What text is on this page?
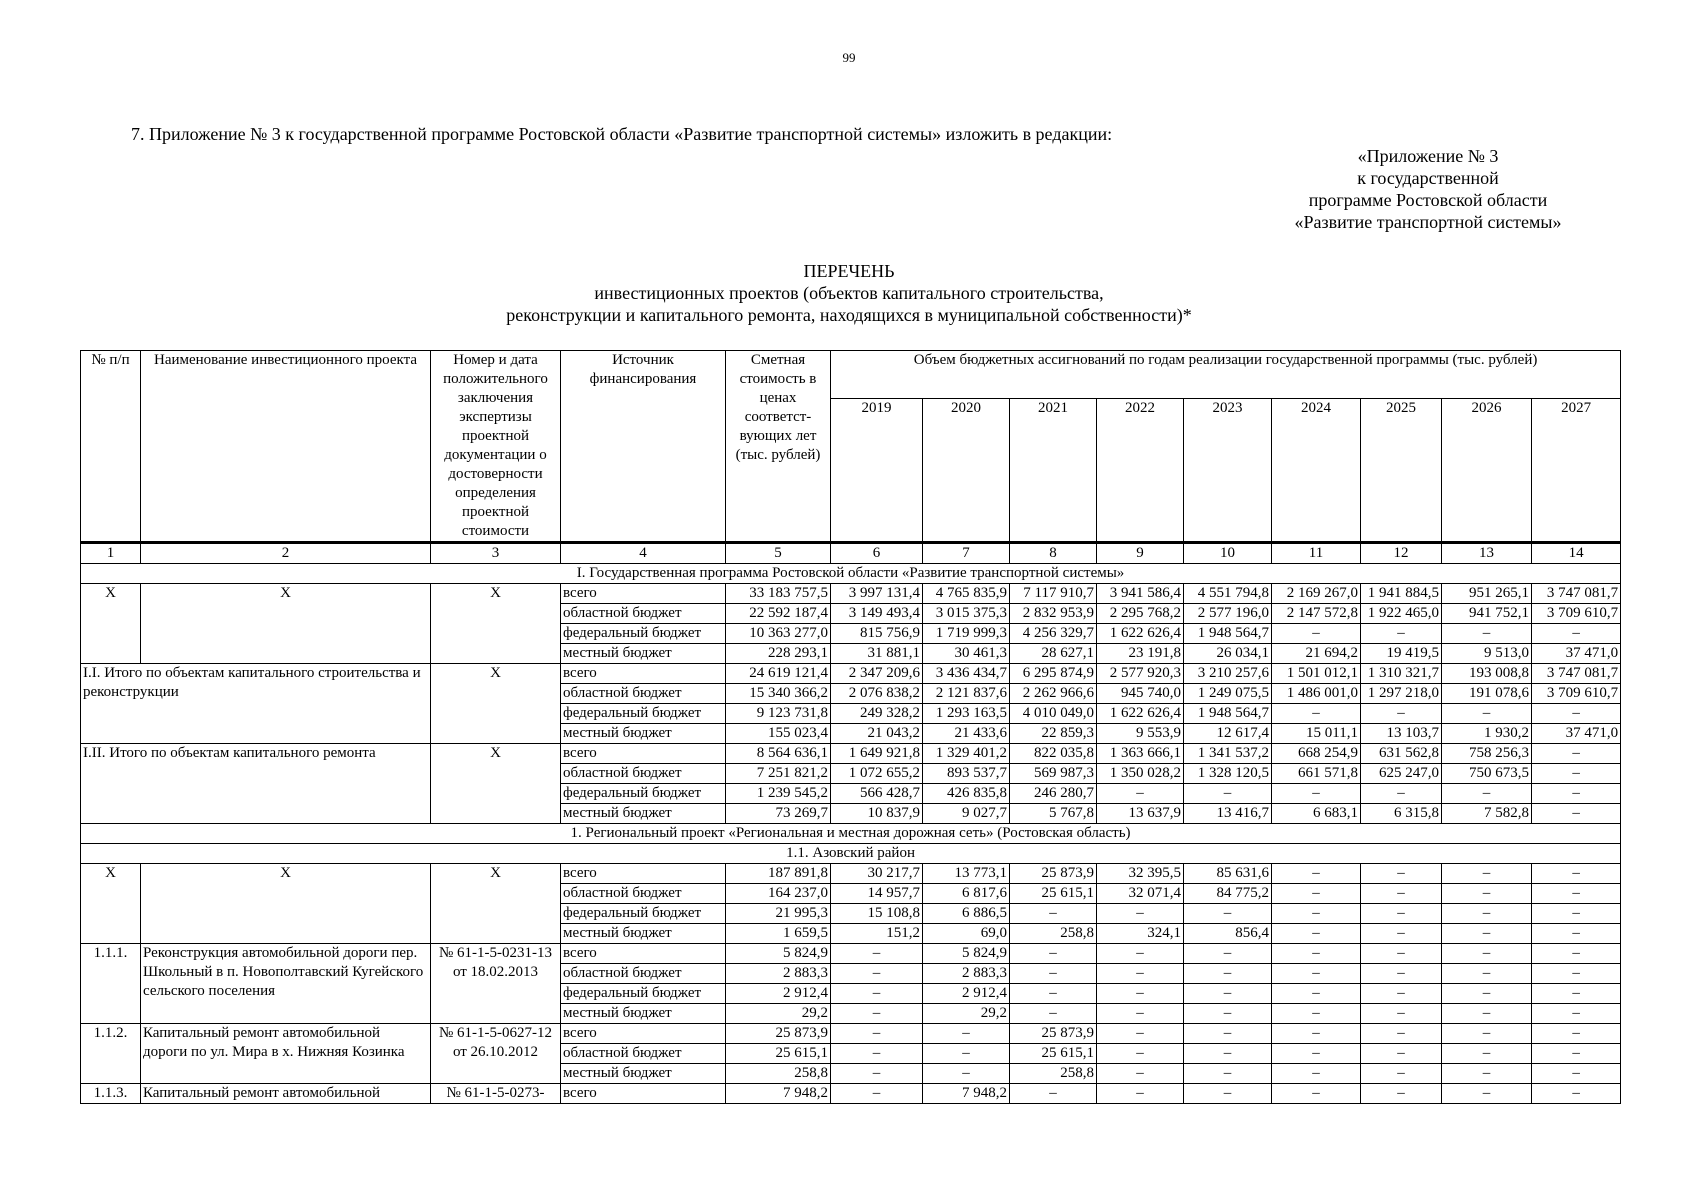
99
7. Приложение № 3 к государственной программе Ростовской области «Развитие транспортной системы» изложить в редакции:
«Приложение № 3
к государственной
программе Ростовской области
«Развитие транспортной системы»
ПЕРЕЧЕНЬ
инвестиционных проектов (объектов капитального строительства,
реконструкции и капитального ремонта, находящихся в муниципальной собственности)*
№ п/п	Наименование инвестиционного проекта	Номер и дата положительного заключения экспертизы проектной документации о достоверности определения проектной стоимости	Источник финансирования	Сметная стоимость в ценах соответст-вующих лет (тыс. рублей)	Объем бюджетных ассигнований по годам реализации государственной программы (тыс. рублей)								
					2019	2020	2021	2022	2023	2024	2025	2026	2027
1	2	3	4	5	6	7	8	9	10	11	12	13	14
I. Государственная программа Ростовской области «Развитие транспортной системы»													
Х	Х	Х	всего	33 183 757,5	3 997 131,4	4 765 835,9	7 117 910,7	3 941 586,4	4 551 794,8	2 169 267,0	1 941 884,5	951 265,1	3 747 081,7
			областной бюджет	22 592 187,4	3 149 493,4	3 015 375,3	2 832 953,9	2 295 768,2	2 577 196,0	2 147 572,8	1 922 465,0	941 752,1	3 709 610,7
			федеральный бюджет	10 363 277,0	815 756,9	1 719 999,3	4 256 329,7	1 622 626,4	1 948 564,7	–	–	–	–
			местный бюджет	228 293,1	31 881,1	30 461,3	28 627,1	23 191,8	26 034,1	21 694,2	19 419,5	9 513,0	37 471,0
I.I. Итого по объектам капитального строительства и реконструкции		Х	всего	24 619 121,4	2 347 209,6	3 436 434,7	6 295 874,9	2 577 920,3	3 210 257,6	1 501 012,1	1 310 321,7	193 008,8	3 747 081,7
			областной бюджет	15 340 366,2	2 076 838,2	2 121 837,6	2 262 966,6	945 740,0	1 249 075,5	1 486 001,0	1 297 218,0	191 078,6	3 709 610,7
			федеральный бюджет	9 123 731,8	249 328,2	1 293 163,5	4 010 049,0	1 622 626,4	1 948 564,7	–	–	–	–
			местный бюджет	155 023,4	21 043,2	21 433,6	22 859,3	9 553,9	12 617,4	15 011,1	13 103,7	1 930,2	37 471,0
I.II. Итого по объектам капитального ремонта		Х	всего	8 564 636,1	1 649 921,8	1 329 401,2	822 035,8	1 363 666,1	1 341 537,2	668 254,9	631 562,8	758 256,3	–
			областной бюджет	7 251 821,2	1 072 655,2	893 537,7	569 987,3	1 350 028,2	1 328 120,5	661 571,8	625 247,0	750 673,5	–
			федеральный бюджет	1 239 545,2	566 428,7	426 835,8	246 280,7	–	–	–	–	–	–
			местный бюджет	73 269,7	10 837,9	9 027,7	5 767,8	13 637,9	13 416,7	6 683,1	6 315,8	7 582,8	–
1. Региональный проект «Региональная и местная дорожная сеть» (Ростовская область)													
1.1. Азовский район													
Х	Х	Х	всего	187 891,8	30 217,7	13 773,1	25 873,9	32 395,5	85 631,6	–	–	–	–
			областной бюджет	164 237,0	14 957,7	6 817,6	25 615,1	32 071,4	84 775,2	–	–	–	–
			федеральный бюджет	21 995,3	15 108,8	6 886,5	–	–	–	–	–	–	–
			местный бюджет	1 659,5	151,2	69,0	258,8	324,1	856,4	–	–	–	–
1.1.1.	Реконструкция автомобильной дороги пер. Школьный в п. Новополтавский Кугейского сельского поселения	№ 61-1-5-0231-13 от 18.02.2013	всего	5 824,9	–	5 824,9	–	–	–	–	–	–	–
			областной бюджет	2 883,3	–	2 883,3	–	–	–	–	–	–	–
			федеральный бюджет	2 912,4	–	2 912,4	–	–	–	–	–	–	–
			местный бюджет	29,2	–	29,2	–	–	–	–	–	–	–
1.1.2.	Капитальный ремонт автомобильной дороги по ул. Мира в х. Нижняя Козинка	№ 61-1-5-0627-12 от 26.10.2012	всего	25 873,9	–	–	25 873,9	–	–	–	–	–	–
			областной бюджет	25 615,1	–	–	25 615,1	–	–	–	–	–	–
			местный бюджет	258,8	–	–	258,8	–	–	–	–	–	–
1.1.3.	Капитальный ремонт автомобильной	№ 61-1-5-0273-	всего	7 948,2	–	7 948,2	–	–	–	–	–	–	–
